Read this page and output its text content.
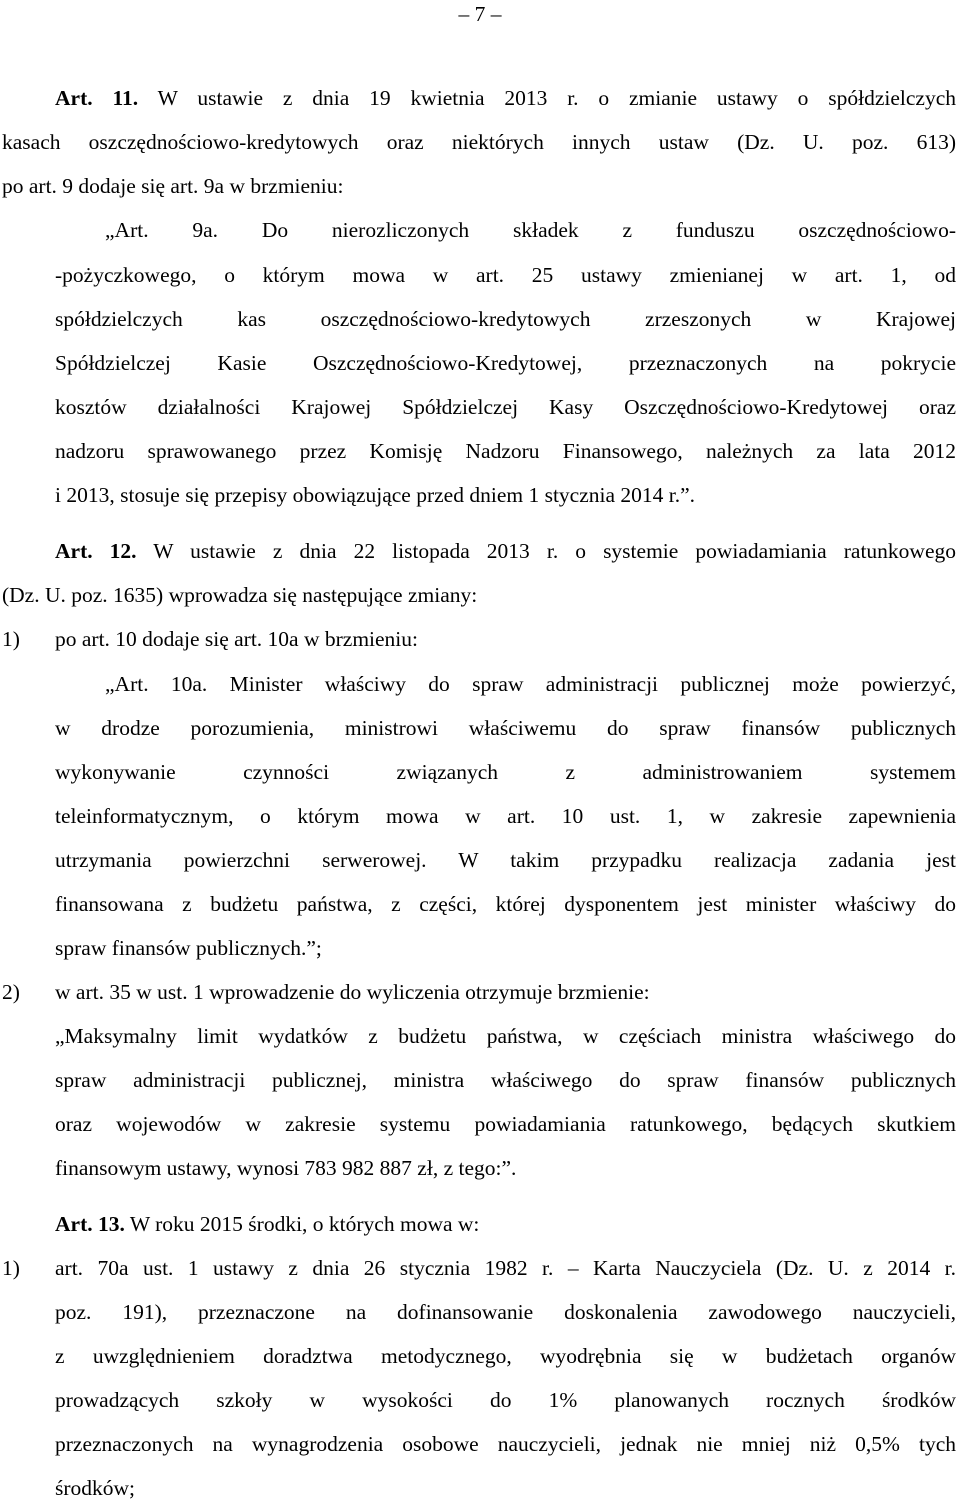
– 7 –
Art. 11. W ustawie z dnia 19 kwietnia 2013 r. o zmianie ustawy o spółdzielczych
kasach oszczędnościowo-kredytowych oraz niektórych innych ustaw (Dz. U. poz. 613)
po art. 9 dodaje się art. 9a w brzmieniu:
„Art. 9a. Do nierozliczonych składek z funduszu oszczędnościowo-
-pożyczkowego, o którym mowa w art. 25 ustawy zmienianej w art. 1, od
spółdzielczych kas oszczędnościowo-kredytowych zrzeszonych w Krajowej
Spółdzielczej Kasie Oszczędnościowo-Kredytowej, przeznaczonych na pokrycie
kosztów działalności Krajowej Spółdzielczej Kasy Oszczędnościowo-Kredytowej oraz
nadzoru sprawowanego przez Komisję Nadzoru Finansowego, należnych za lata 2012
i 2013, stosuje się przepisy obowiązujące przed dniem 1 stycznia 2014 r.”.
Art. 12. W ustawie z dnia 22 listopada 2013 r. o systemie powiadamiania ratunkowego
(Dz. U. poz. 1635) wprowadza się następujące zmiany:
1) po art. 10 dodaje się art. 10a w brzmieniu:
„Art. 10a. Minister właściwy do spraw administracji publicznej może powierzyć,
w drodze porozumienia, ministrowi właściwemu do spraw finansów publicznych
wykonywanie czynności związanych z administrowaniem systemem
teleinformatycznym, o którym mowa w art. 10 ust. 1, w zakresie zapewnienia
utrzymania powierzchni serwerowej. W takim przypadku realizacja zadania jest
finansowana z budżetu państwa, z części, której dysponentem jest minister właściwy do
spraw finansów publicznych.”;
2) w art. 35 w ust. 1 wprowadzenie do wyliczenia otrzymuje brzmienie:
„Maksymalny limit wydatków z budżetu państwa, w częściach ministra właściwego do
spraw administracji publicznej, ministra właściwego do spraw finansów publicznych
oraz wojewodów w zakresie systemu powiadamiania ratunkowego, będących skutkiem
finansowym ustawy, wynosi 783 982 887 zł, z tego:”.
Art. 13. W roku 2015 środki, o których mowa w:
1) art. 70a ust. 1 ustawy z dnia 26 stycznia 1982 r. – Karta Nauczyciela (Dz. U. z 2014 r.
poz. 191), przeznaczone na dofinansowanie doskonalenia zawodowego nauczycieli,
z uwzględnieniem doradztwa metodycznego, wyodrębnia się w budżetach organów
prowadzących szkoły w wysokości do 1% planowanych rocznych środków
przeznaczonych na wynagrodzenia osobowe nauczycieli, jednak nie mniej niż 0,5% tych
środków;
